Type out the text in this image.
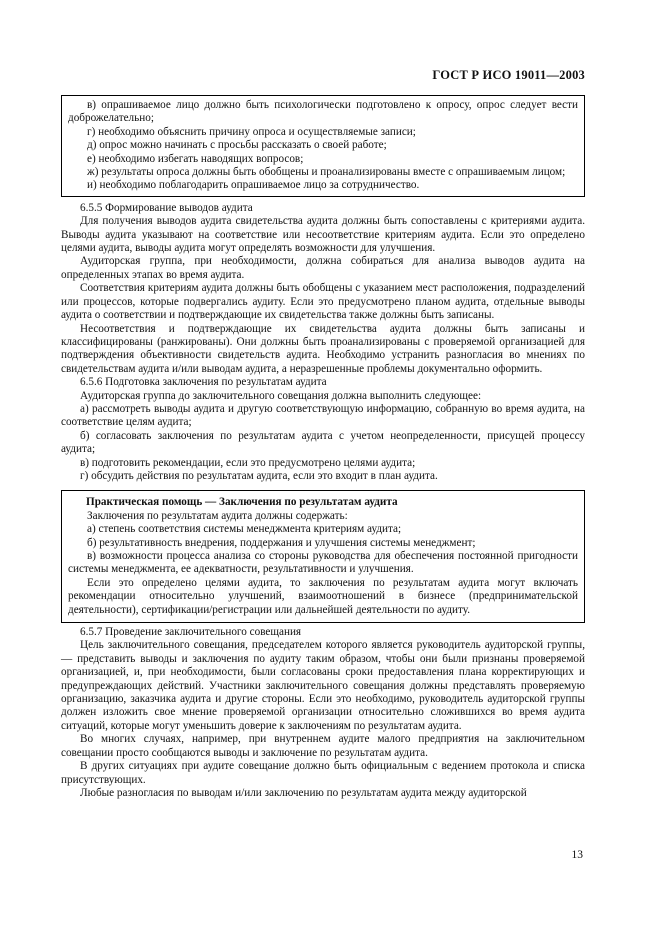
ГОСТ Р ИСО 19011—2003

в) опрашиваемое лицо должно быть психологически подготовлено к опросу, опрос следует вести доброжелательно;

г) необходимо объяснить причину опроса и осуществляемые записи;

д) опрос можно начинать с просьбы рассказать о своей работе;

е) необходимо избегать наводящих вопросов;

ж) результаты опроса должны быть обобщены и проанализированы вместе с опрашиваемым лицом;

и) необходимо поблагодарить опрашиваемое лицо за сотрудничество.

6.5.5 Формирование выводов аудита

Для получения выводов аудита свидетельства аудита должны быть сопоставлены с критериями аудита. Выводы аудита указывают на соответствие или несоответствие критериям аудита. Если это определено целями аудита, выводы аудита могут определять возможности для улучшения.

Аудиторская группа, при необходимости, должна собираться для анализа выводов аудита на определенных этапах во время аудита.

Соответствия критериям аудита должны быть обобщены с указанием мест расположения, подразделений или процессов, которые подвергались аудиту. Если это предусмотрено планом аудита, отдельные выводы аудита о соответствии и подтверждающие их свидетельства также должны быть записаны.

Несоответствия и подтверждающие их свидетельства аудита должны быть записаны и классифицированы (ранжированы). Они должны быть проанализированы с проверяемой организацией для подтверждения объективности свидетельств аудита. Необходимо устранить разногласия во мнениях по свидетельствам аудита и/или выводам аудита, а неразрешенные проблемы документально оформить.

6.5.6 Подготовка заключения по результатам аудита

Аудиторская группа до заключительного совещания должна выполнить следующее:

а) рассмотреть выводы аудита и другую соответствующую информацию, собранную во время аудита, на соответствие целям аудита;

б) согласовать заключения по результатам аудита с учетом неопределенности, присущей процессу аудита;

в) подготовить рекомендации, если это предусмотрено целями аудита;

г) обсудить действия по результатам аудита, если это входит в план аудита.

Практическая помощь — Заключения по результатам аудита

Заключения по результатам аудита должны содержать:

а) степень соответствия системы менеджмента критериям аудита;

б) результативность внедрения, поддержания и улучшения системы менеджмент;

в) возможности процесса анализа со стороны руководства для обеспечения постоянной пригодности системы менеджмента, ее адекватности, результативности и улучшения.

Если это определено целями аудита, то заключения по результатам аудита могут включать рекомендации относительно улучшений, взаимоотношений в бизнесе (предпринимательской деятельности), сертификации/регистрации или дальнейшей деятельности по аудиту.

6.5.7 Проведение заключительного совещания

Цель заключительного совещания, председателем которого является руководитель аудиторской группы, — представить выводы и заключения по аудиту таким образом, чтобы они были признаны проверяемой организацией, и, при необходимости, были согласованы сроки предоставления плана корректирующих и предупреждающих действий. Участники заключительного совещания должны представлять проверяемую организацию, заказчика аудита и другие стороны. Если это необходимо, руководитель аудиторской группы должен изложить свое мнение проверяемой организации относительно сложившихся во время аудита ситуаций, которые могут уменьшить доверие к заключениям по результатам аудита.

Во многих случаях, например, при внутреннем аудите малого предприятия на заключительном совещании просто сообщаются выводы и заключение по результатам аудита.

В других ситуациях при аудите совещание должно быть официальным с ведением протокола и списка присутствующих.

Любые разногласия по выводам и/или заключению по результатам аудита между аудиторской

13
